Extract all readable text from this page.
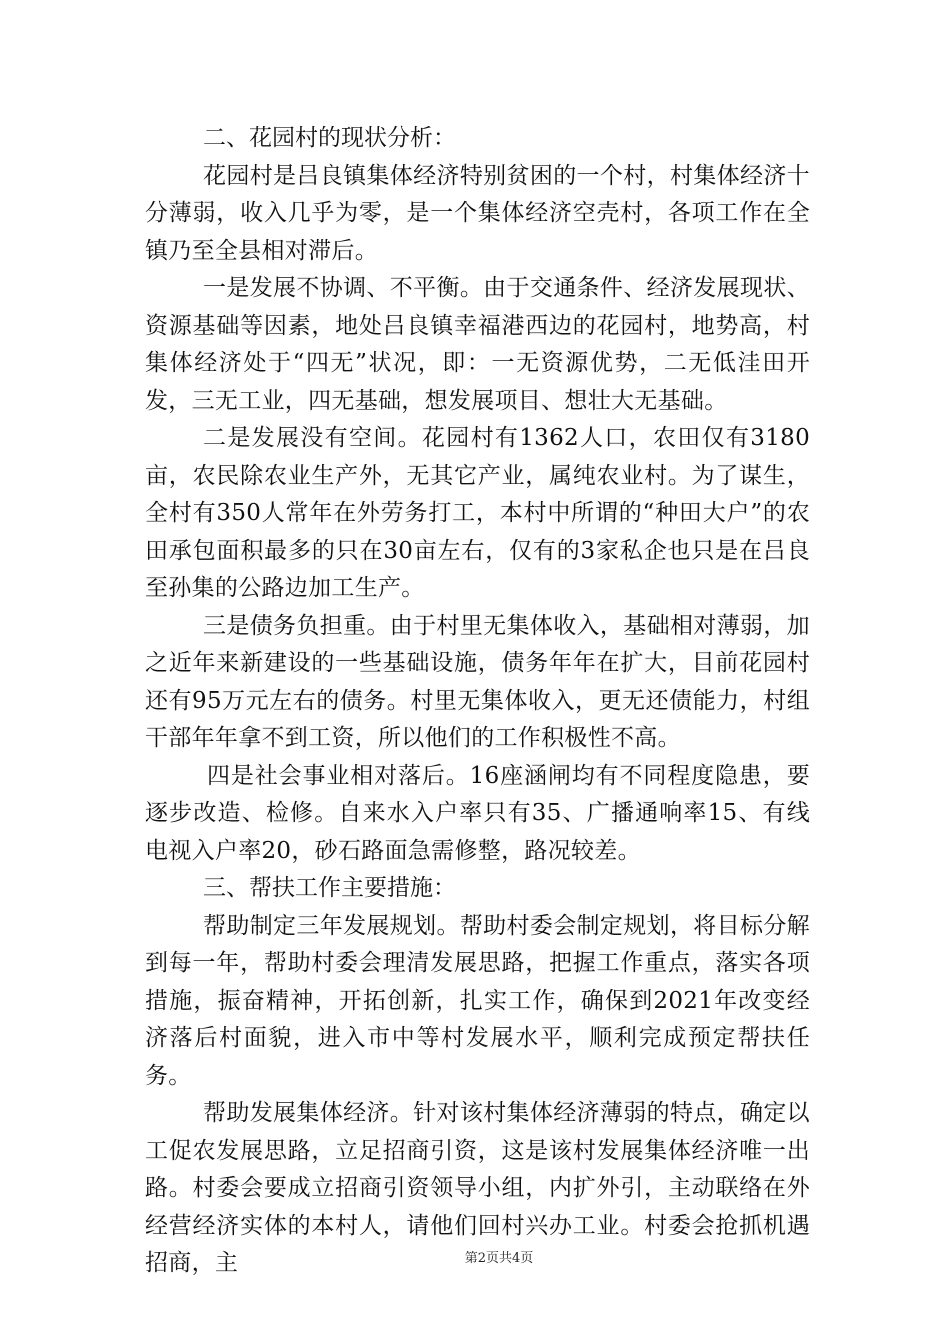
二、花园村的现状分析：

花园村是吕良镇集体经济特别贫困的一个村，村集体经济十分薄弱，收入几乎为零，是一个集体经济空壳村，各项工作在全镇乃至全县相对滞后。

一是发展不协调、不平衡。由于交通条件、经济发展现状、资源基础等因素，地处吕良镇幸福港西边的花园村，地势高，村集体经济处于“四无”状况，即：一无资源优势，二无低洼田开发，三无工业，四无基础，想发展项目、想壮大无基础。

二是发展没有空间。花园村有1362人口，农田仅有3180亩，农民除农业生产外，无其它产业，属纯农业村。为了谋生，全村有350人常年在外劳务打工，本村中所谓的“种田大户”的农田承包面积最多的只在30亩左右，仅有的3家私企也只是在吕良至孙集的公路边加工生产。

三是债务负担重。由于村里无集体收入，基础相对薄弱，加之近年来新建设的一些基础设施，债务年年在扩大，目前花园村还有95万元左右的债务。村里无集体收入，更无还债能力，村组干部年年拿不到工资，所以他们的工作积极性不高。

四是社会事业相对落后。16座涵闸均有不同程度隐患，要逐步改造、检修。自来水入户率只有35、广播通响率15、有线电视入户率20，砂石路面急需修整，路况较差。

三、帮扶工作主要措施：

帮助制定三年发展规划。帮助村委会制定规划，将目标分解到每一年，帮助村委会理清发展思路，把握工作重点，落实各项措施，振奋精神，开拓创新，扎实工作，确保到2021年改变经济落后村面貌，进入市中等村发展水平，顺利完成预定帮扶任务。

帮助发展集体经济。针对该村集体经济薄弱的特点，确定以工促农发展思路，立足招商引资，这是该村发展集体经济唯一出路。村委会要成立招商引资领导小组，内扩外引，主动联络在外经营经济实体的本村人，请他们回村兴办工业。村委会抢抓机遇招商，主	第2页共4页
